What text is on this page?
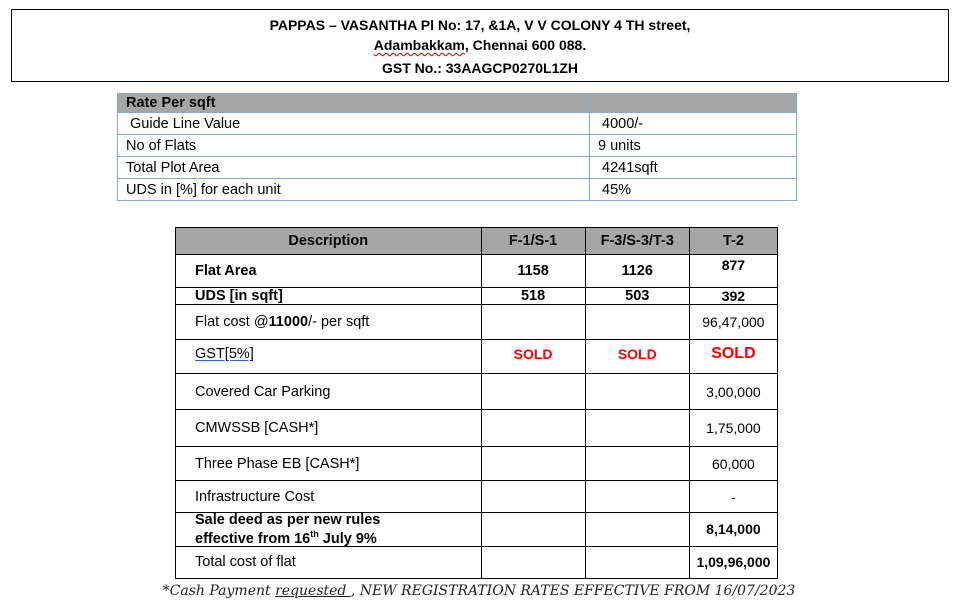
PAPPAS – VASANTHA Pl No: 17, &1A, V V COLONY 4 TH street,
Adambakkam, Chennai 600 088.
GST No.: 33AAGCP0270L1ZH
Rate Per sqft	
Guide Line Value	4000/-
No of Flats	9 units
Total Plot Area	4241sqft
UDS in [%] for each unit	45%
Description	F-1/S-1	F-3/S-3/T-3	T-2
Flat Area	1158	1126	877
UDS [in sqft]	518	503	392
Flat cost @11000/- per sqft			96,47,000
GST[5%]	SOLD	SOLD	SOLD
Covered Car Parking			3,00,000
CMWSSB [CASH*]			1,75,000
Three Phase EB [CASH*]			60,000
Infrastructure Cost			-
Sale deed as per new rules
effective from 16th July 9%			8,14,000
Total cost of flat			1,09,96,000
*Cash Payment requested , NEW REGISTRATION RATES EFFECTIVE FROM 16/07/2023
